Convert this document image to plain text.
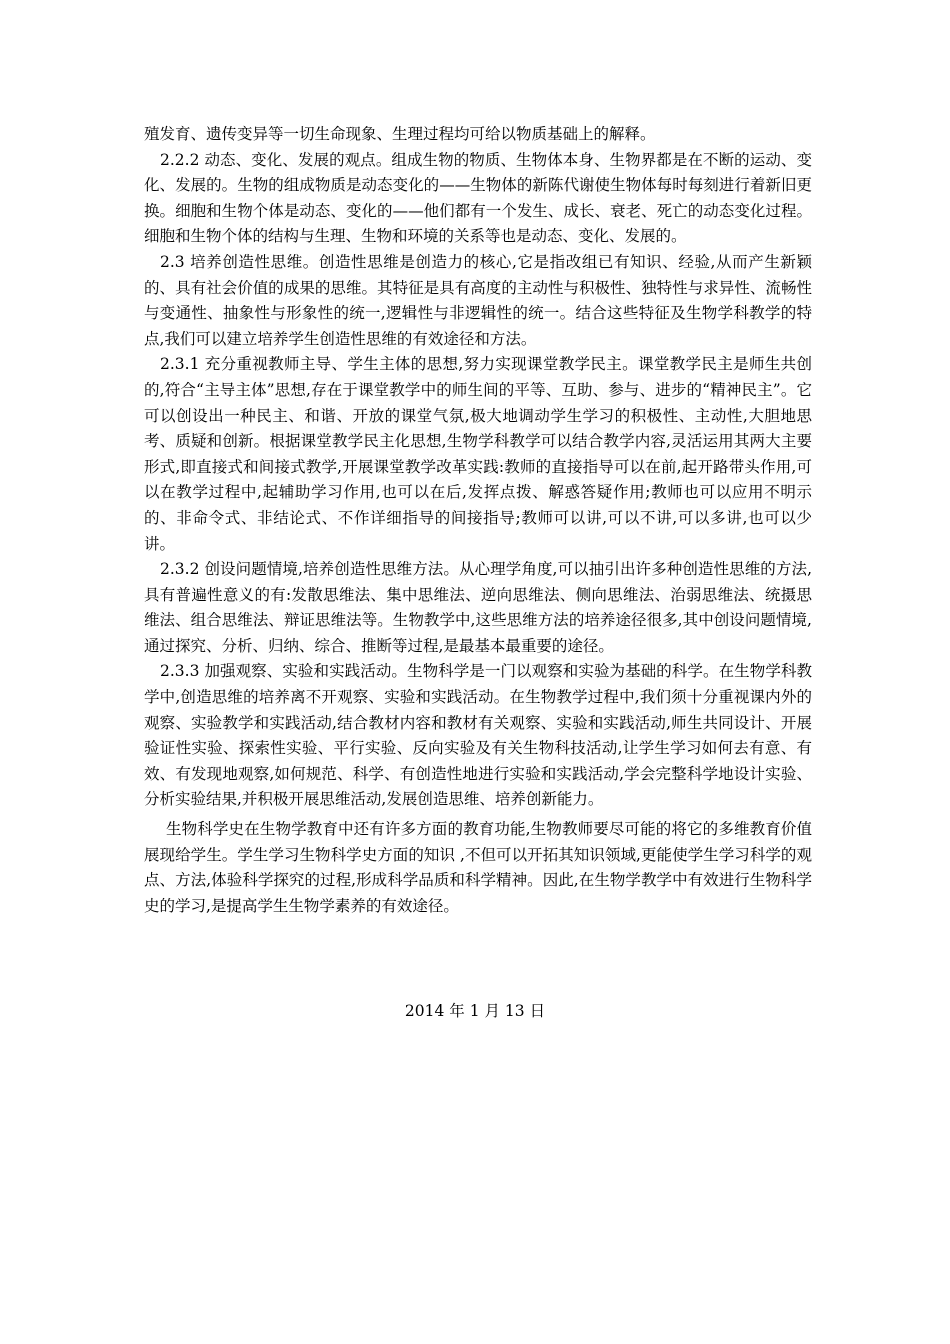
殖发育、遗传变异等一切生命现象、生理过程均可给以物质基础上的解释。

2.2.2 动态、变化、发展的观点。组成生物的物质、生物体本身、生物界都是在不断的运动、变化、发展的。生物的组成物质是动态变化的——生物体的新陈代谢使生物体每时每刻进行着新旧更换。细胞和生物个体是动态、变化的——他们都有一个发生、成长、衰老、死亡的动态变化过程。细胞和生物个体的结构与生理、生物和环境的关系等也是动态、变化、发展的。

2.3 培养创造性思维。创造性思维是创造力的核心,它是指改组已有知识、经验,从而产生新颖的、具有社会价值的成果的思维。其特征是具有高度的主动性与积极性、独特性与求异性、流畅性与变通性、抽象性与形象性的统一,逻辑性与非逻辑性的统一。结合这些特征及生物学科教学的特点,我们可以建立培养学生创造性思维的有效途径和方法。

2.3.1 充分重视教师主导、学生主体的思想,努力实现课堂教学民主。课堂教学民主是师生共创的,符合“主导主体”思想,存在于课堂教学中的师生间的平等、互助、参与、进步的“精神民主”。它可以创设出一种民主、和谐、开放的课堂气氛,极大地调动学生学习的积极性、主动性,大胆地思考、质疑和创新。根据课堂教学民主化思想,生物学科教学可以结合教学内容,灵活运用其两大主要形式,即直接式和间接式教学,开展课堂教学改革实践:教师的直接指导可以在前,起开路带头作用,可以在教学过程中,起辅助学习作用,也可以在后,发挥点拨、解惑答疑作用;教师也可以应用不明示的、非命令式、非结论式、不作详细指导的间接指导;教师可以讲,可以不讲,可以多讲,也可以少讲。

2.3.2 创设问题情境,培养创造性思维方法。从心理学角度,可以抽引出许多种创造性思维的方法,具有普遍性意义的有:发散思维法、集中思维法、逆向思维法、侧向思维法、治弱思维法、统摄思维法、组合思维法、辩证思维法等。生物教学中,这些思维方法的培养途径很多,其中创设问题情境,通过探究、分析、归纳、综合、推断等过程,是最基本最重要的途径。

2.3.3 加强观察、实验和实践活动。生物科学是一门以观察和实验为基础的科学。在生物学科教学中,创造思维的培养离不开观察、实验和实践活动。在生物教学过程中,我们须十分重视课内外的观察、实验教学和实践活动,结合教材内容和教材有关观察、实验和实践活动,师生共同设计、开展验证性实验、探索性实验、平行实验、反向实验及有关生物科技活动,让学生学习如何去有意、有效、有发现地观察,如何规范、科学、有创造性地进行实验和实践活动,学会完整科学地设计实验、分析实验结果,并积极开展思维活动,发展创造思维、培养创新能力。

生物科学史在生物学教育中还有许多方面的教育功能,生物教师要尽可能的将它的多维教育价值展现给学生。学生学习生物科学史方面的知识 ,不但可以开拓其知识领域,更能使学生学习科学的观点、方法,体验科学探究的过程,形成科学品质和科学精神。因此,在生物学教学中有效进行生物科学史的学习,是提高学生生物学素养的有效途径。

2014 年 1 月 13 日
